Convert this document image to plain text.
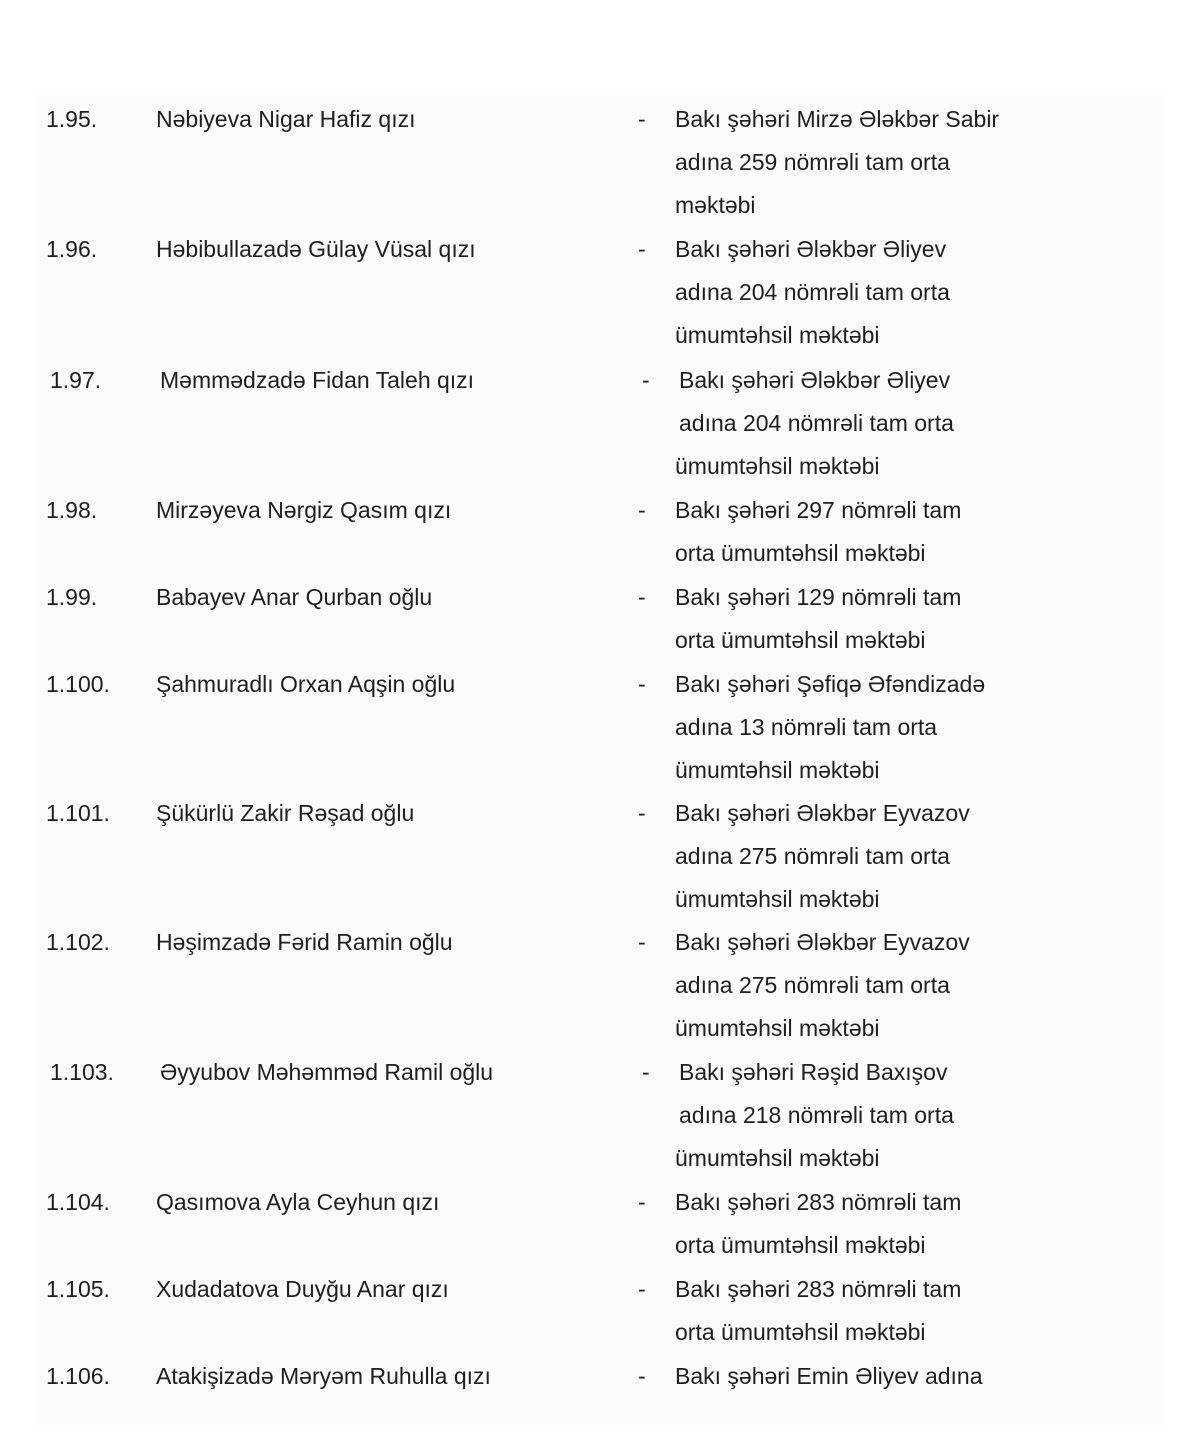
1.95.	Nəbiyeva Nigar Hafiz qızı	- Bakı şəhəri Mirzə Ələkbər Sabir
adına 259 nömrəli tam orta
məktəbi
1.96.	Həbibullazadə Gülay Vüsal qızı	- Bakı şəhəri Ələkbər Əliyev
adına 204 nömrəli tam orta
ümumtəhsil məktəbi
1.97.	Məmmədzadə Fidan Taleh qızı	- Bakı şəhəri Ələkbər Əliyev
adına 204 nömrəli tam orta
ümumtəhsil məktəbi
1.98.	Mirzəyeva Nərgiz Qasım qızı	- Bakı şəhəri 297 nömrəli tam
orta ümumtəhsil məktəbi
1.99.	Babayev Anar Qurban oğlu	- Bakı şəhəri 129 nömrəli tam
orta ümumtəhsil məktəbi
1.100. Şahmuradlı Orxan Aqşin oğlu	- Bakı şəhəri Şəfiqə Əfəndizadə
adına 13 nömrəli tam orta
ümumtəhsil məktəbi
1.101. Şükürlü Zakir Rəşad oğlu	- Bakı şəhəri Ələkbər Eyvazov
adına 275 nömrəli tam orta
ümumtəhsil məktəbi
1.102. Həşimzadə Fərid Ramin oğlu	- Bakı şəhəri Ələkbər Eyvazov
adına 275 nömrəli tam orta
ümumtəhsil məktəbi
1.103. Əyyubov Məhəmməd Ramil oğlu	- Bakı şəhəri Rəşid Baxışov
adına 218 nömrəli tam orta
ümumtəhsil məktəbi
1.104. Qasımova Ayla Ceyhun qızı	- Bakı şəhəri 283 nömrəli tam
orta ümumtəhsil məktəbi
1.105. Xudadatova Duyğu Anar qızı	- Bakı şəhəri 283 nömrəli tam
orta ümumtəhsil məktəbi
1.106. Atakişizadə Məryəm Ruhulla qızı	- Bakı şəhəri Emin Əliyev adına
